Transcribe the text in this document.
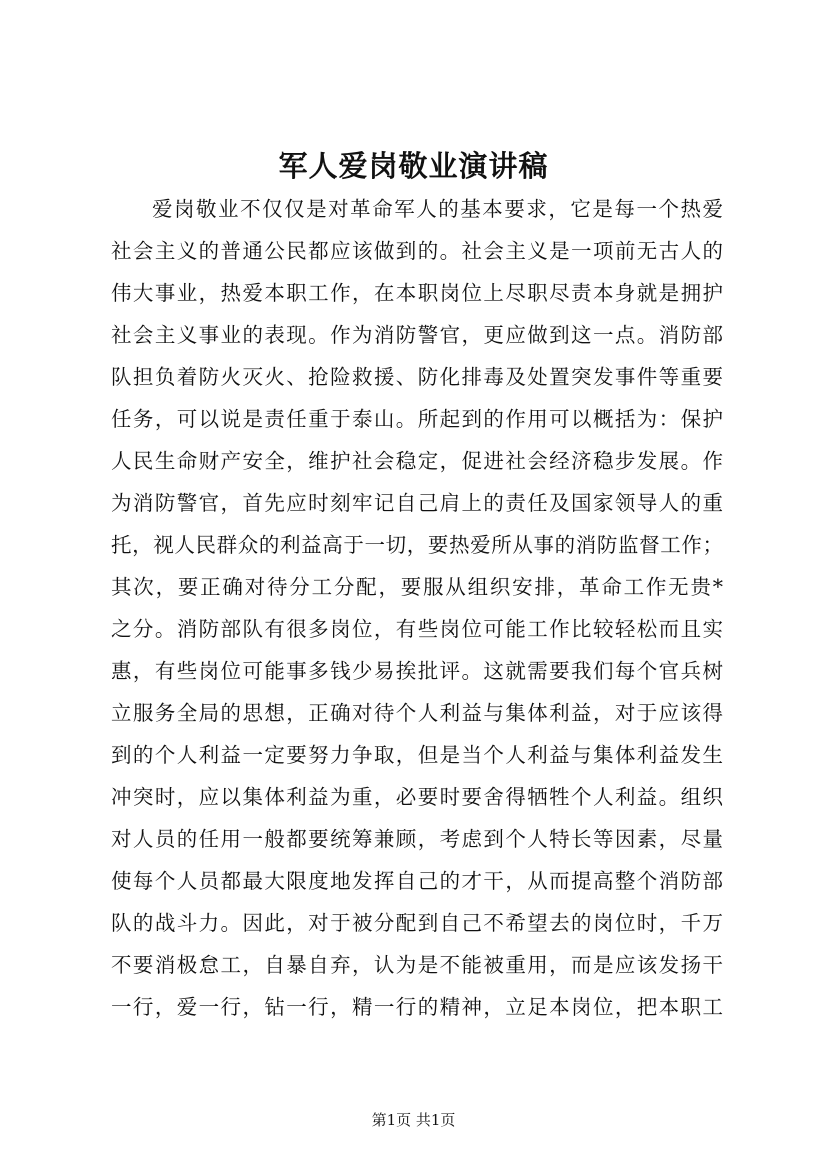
军人爱岗敬业演讲稿
爱岗敬业不仅仅是对革命军人的基本要求，它是每一个热爱
社会主义的普通公民都应该做到的。社会主义是一项前无古人的
伟大事业，热爱本职工作，在本职岗位上尽职尽责本身就是拥护
社会主义事业的表现。作为消防警官，更应做到这一点。消防部
队担负着防火灭火、抢险救援、防化排毒及处置突发事件等重要
任务，可以说是责任重于泰山。所起到的作用可以概括为：保护
人民生命财产安全，维护社会稳定，促进社会经济稳步发展。作
为消防警官，首先应时刻牢记自己肩上的责任及国家领导人的重
托，视人民群众的利益高于一切，要热爱所从事的消防监督工作；
其次，要正确对待分工分配，要服从组织安排，革命工作无贵*
之分。消防部队有很多岗位，有些岗位可能工作比较轻松而且实
惠，有些岗位可能事多钱少易挨批评。这就需要我们每个官兵树
立服务全局的思想，正确对待个人利益与集体利益，对于应该得
到的个人利益一定要努力争取，但是当个人利益与集体利益发生
冲突时，应以集体利益为重，必要时要舍得牺牲个人利益。组织
对人员的任用一般都要统筹兼顾，考虑到个人特长等因素，尽量
使每个人员都最大限度地发挥自己的才干，从而提高整个消防部
队的战斗力。因此，对于被分配到自己不希望去的岗位时，千万
不要消极怠工，自暴自弃，认为是不能被重用，而是应该发扬干
一行，爱一行，钻一行，精一行的精神，立足本岗位，把本职工
第1页 共1页
